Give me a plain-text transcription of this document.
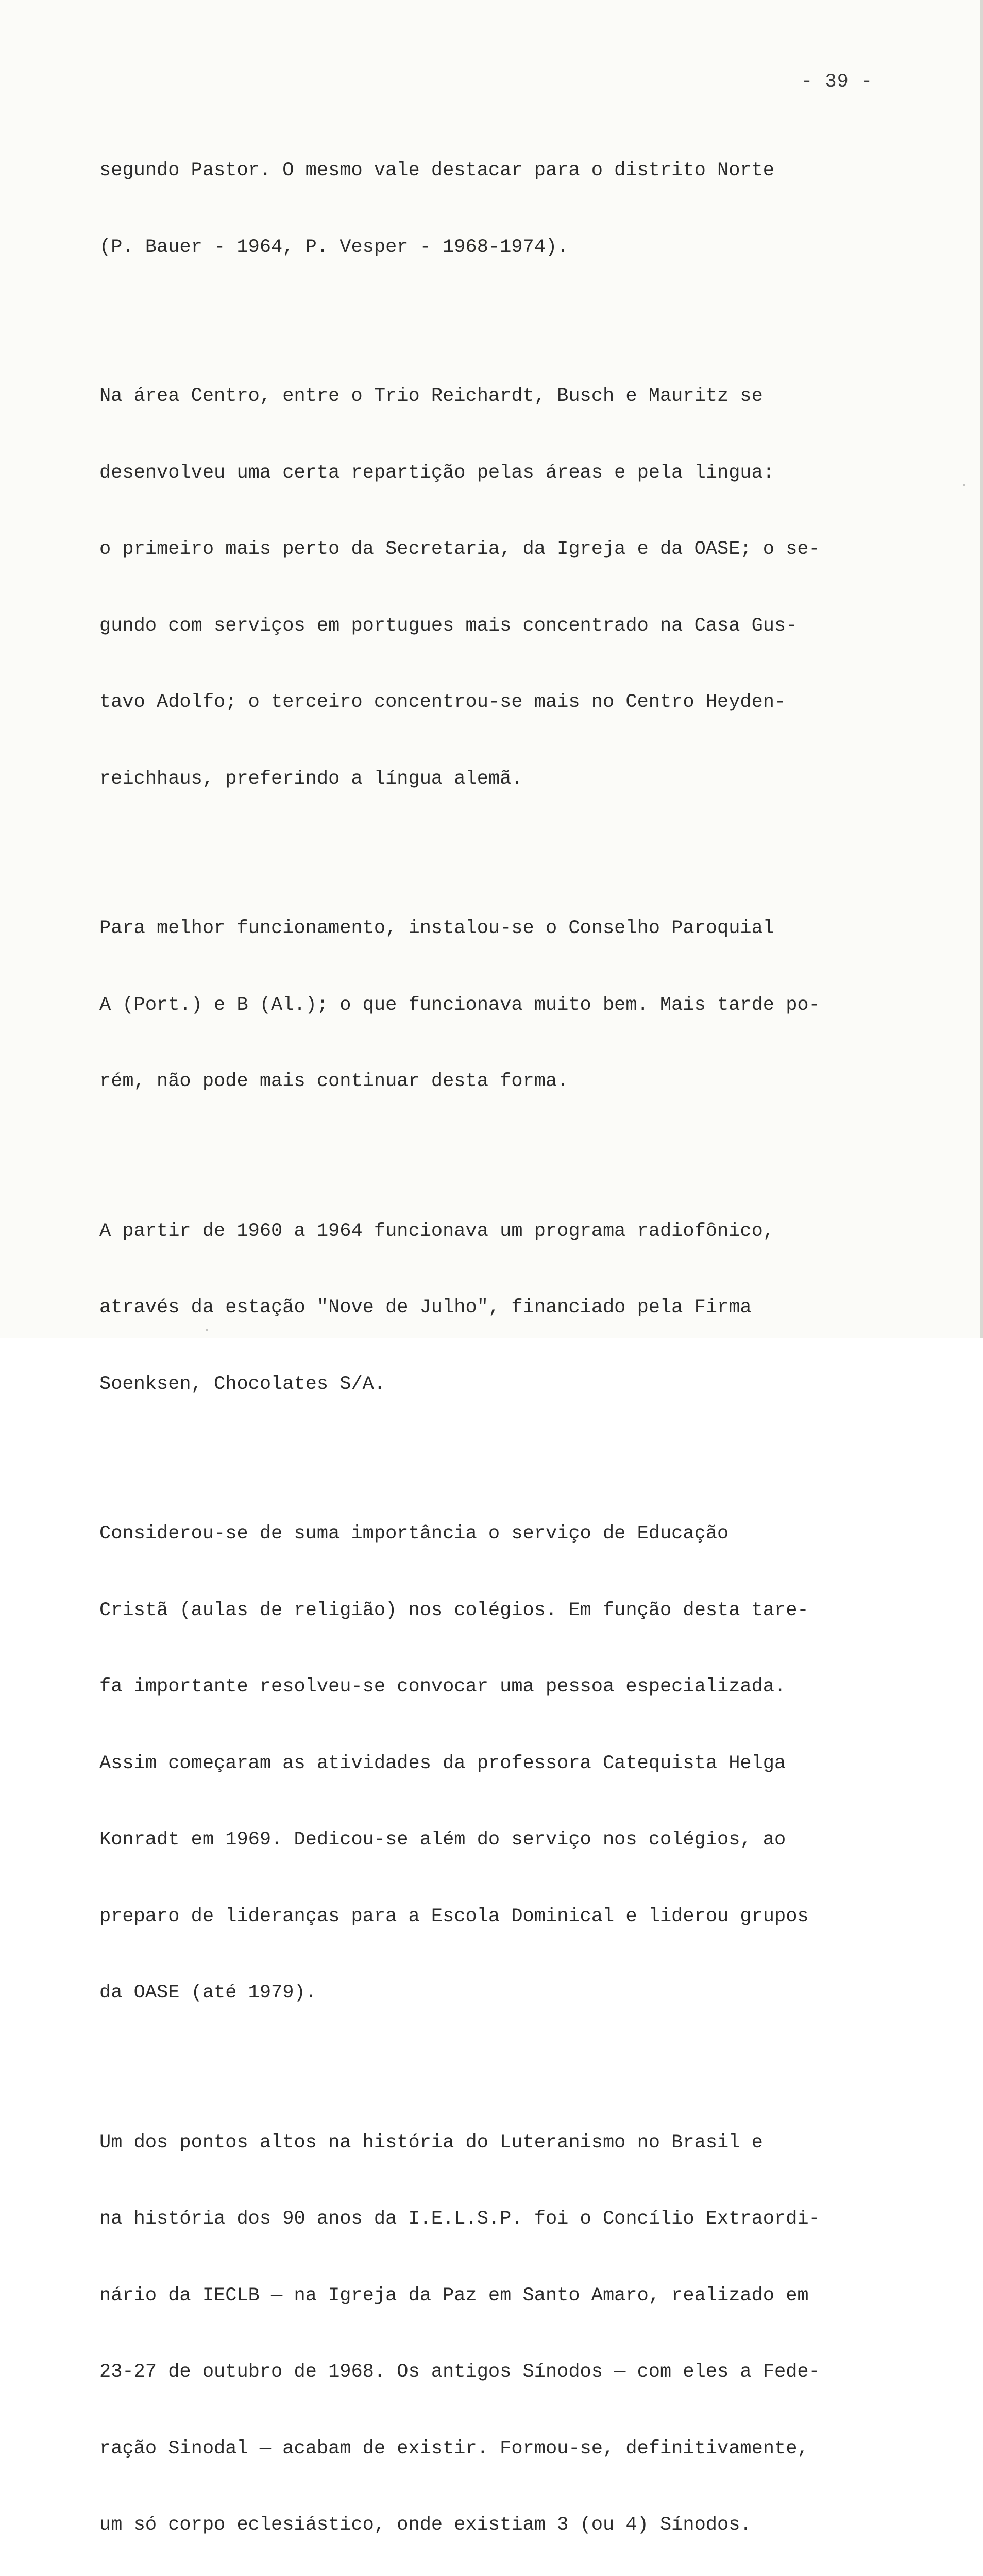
- 39 -

segundo Pastor. O mesmo vale destacar para o distrito Norte

(P. Bauer - 1964, P. Vesper - 1968-1974).

Na área Centro, entre o Trio Reichardt, Busch e Mauritz se

desenvolveu uma certa repartição pelas áreas e pela lingua:

o primeiro mais perto da Secretaria, da Igreja e da OASE; o se-

gundo com serviços em portugues mais concentrado na Casa Gus-

tavo Adolfo; o terceiro concentrou-se mais no Centro Heyden-

reichhaus, preferindo a língua alemã.

Para melhor funcionamento, instalou-se o Conselho Paroquial

A (Port.) e B (Al.); o que funcionava muito bem. Mais tarde po-

rém, não pode mais continuar desta forma.

A partir de 1960 a 1964 funcionava um programa radiofônico,

através da estação "Nove de Julho", financiado pela Firma

Soenksen, Chocolates S/A.

Considerou-se de suma importância o serviço de Educação

Cristã (aulas de religião) nos colégios. Em função desta tare-

fa importante resolveu-se convocar uma pessoa especializada.

Assim começaram as atividades da professora Catequista Helga

Konradt em 1969. Dedicou-se além do serviço nos colégios, ao

preparo de lideranças para a Escola Dominical e liderou grupos

da OASE (até 1979).

Um dos pontos altos na história do Luteranismo no Brasil e

na história dos 90 anos da I.E.L.S.P. foi o Concílio Extraordi-

nário da IECLB — na Igreja da Paz em Santo Amaro, realizado em

23-27 de outubro de 1968. Os antigos Sínodos — com eles a Fede-

ração Sinodal — acabam de existir. Formou-se, definitivamente,

um só corpo eclesiástico, onde existiam 3 (ou 4) Sínodos.
